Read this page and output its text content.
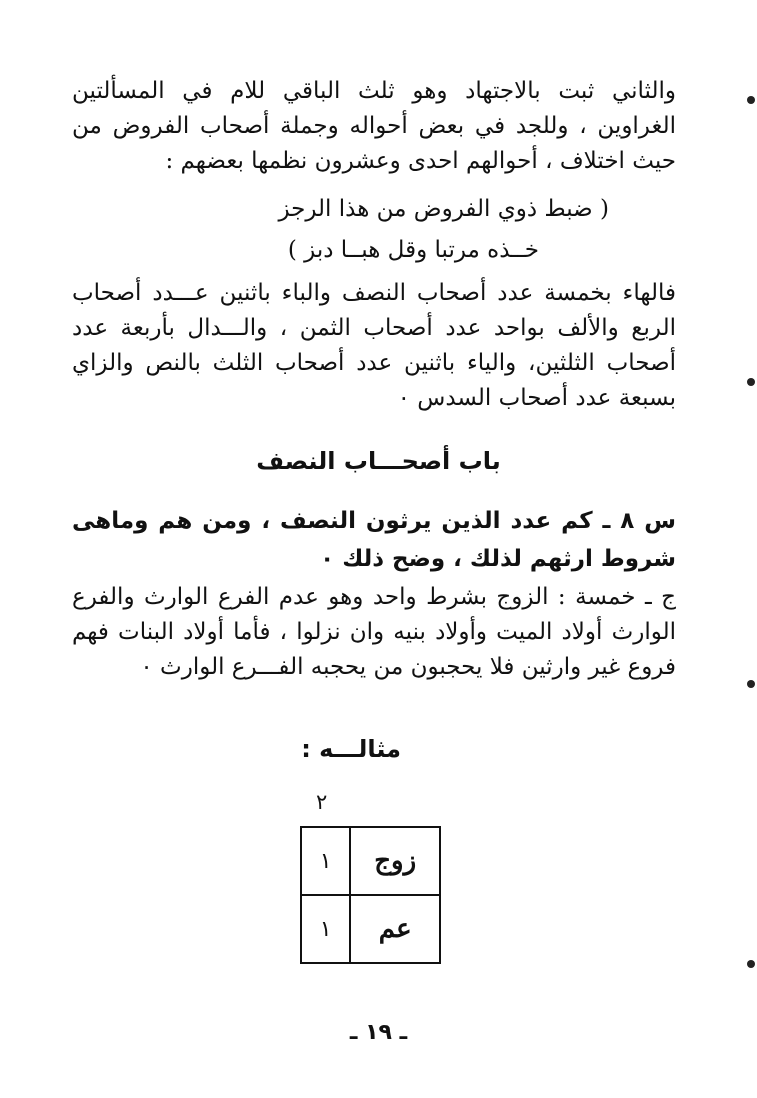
والثاني ثبت بالاجتهاد وهو ثلث الباقي للام في المسألتين الغراوين ، وللجد في بعض أحواله وجملة أصحاب الفروض من حيث اختلاف ، أحوالهم احدى وعشرون نظمها بعضهم :

( ضبط ذوي الفروض من هذا الرجز

خــذه مرتبا وقل هبــا دبز )

فالهاء بخمسة عدد أصحاب النصف والباء باثنين عـــدد أصحاب الربع والألف بواحد عدد أصحاب الثمن ، والـــدال بأربعة عدد أصحاب الثلثين، والياء باثنين عدد أصحاب الثلث بالنص والزاي بسبعة عدد أصحاب السدس ٠

باب أصحـــاب النصف

س ٨ ـ كم عدد الذين يرثون النصف ، ومن هم وماهى شروط ارثهم لذلك ، وضح ذلك ٠

ج ـ خمسة : الزوج بشرط واحد وهو عدم الفرع الوارث والفرع الوارث أولاد الميت وأولاد بنيه وان نزلوا ، فأما أولاد البنات فهم فروع غير وارثين فلا يحجبون من يحجبه الفـــرع الوارث ٠

مثالـــه :

٢

زوج	١
عم	١

ـ ١٩ ـ
